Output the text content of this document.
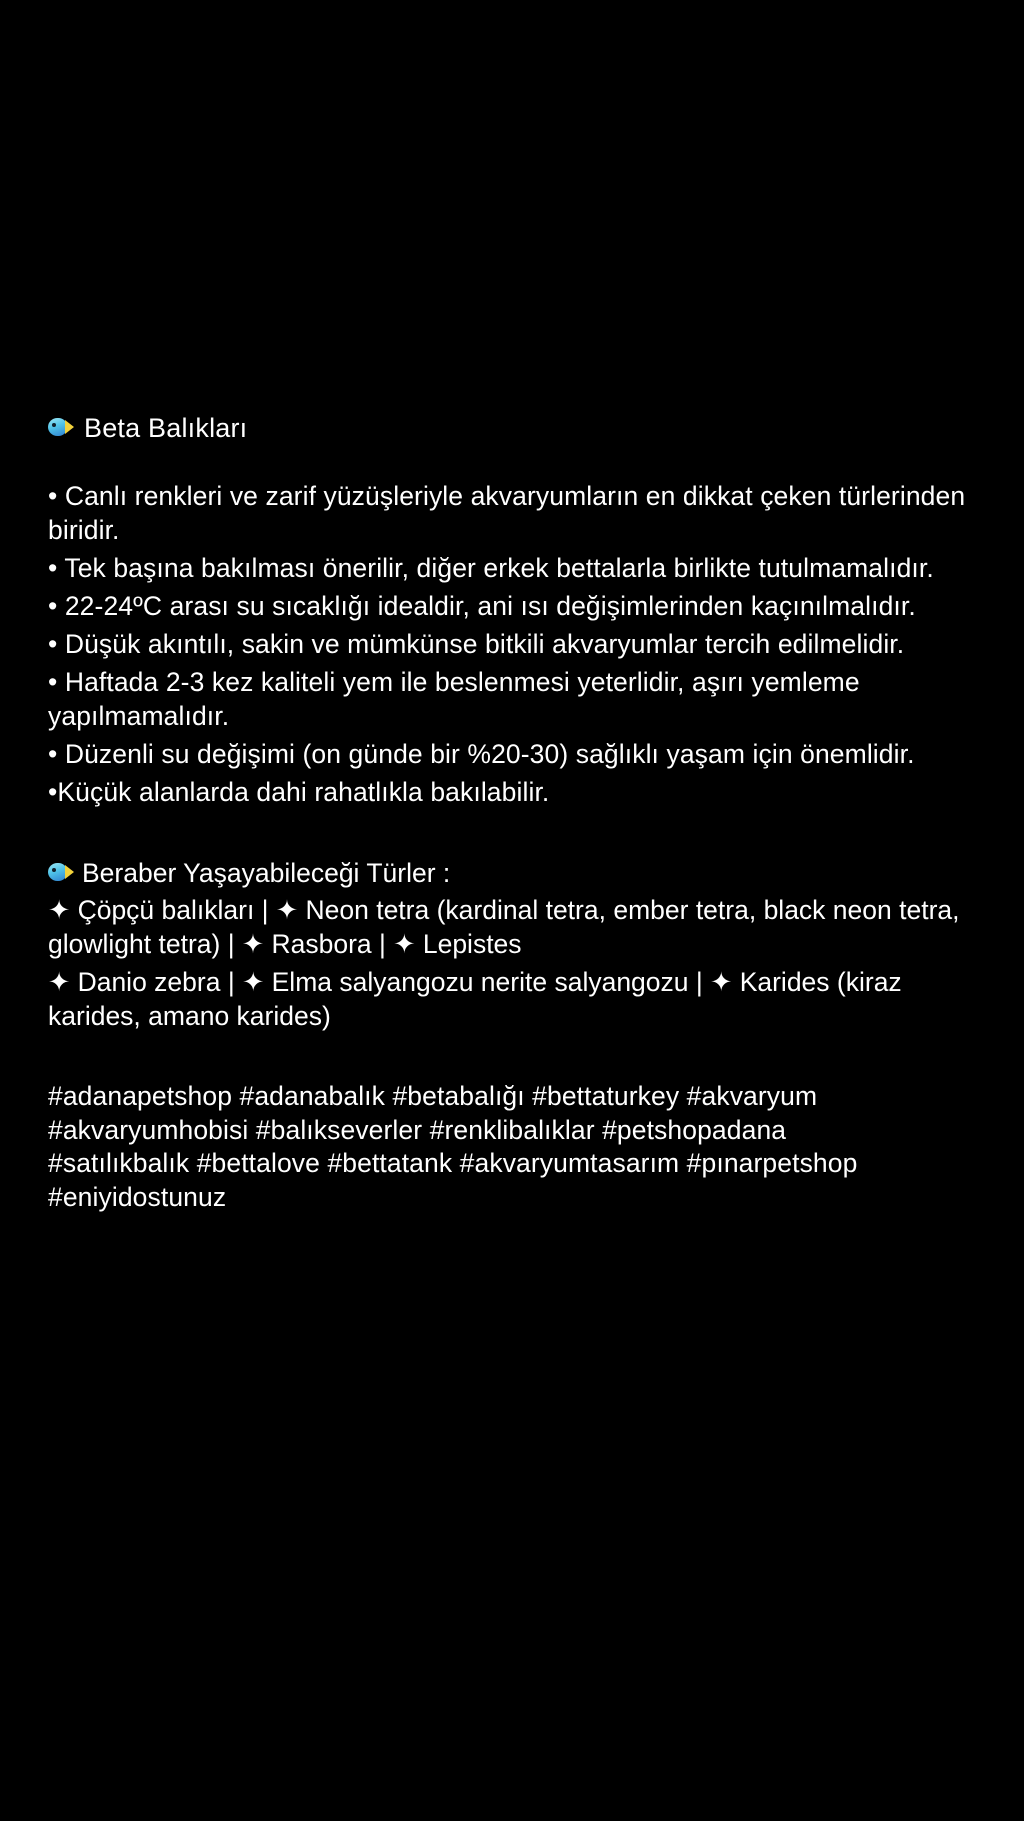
Beta Balıkları
• Canlı renkleri ve zarif yüzüşleriyle akvaryumların en dikkat çeken türlerinden biridir.
• Tek başına bakılması önerilir, diğer erkek bettalarla birlikte tutulmamalıdır.
• 22-24ºC arası su sıcaklığı idealdir, ani ısı değişimlerinden kaçınılmalıdır.
• Düşük akıntılı, sakin ve mümkünse bitkili akvaryumlar tercih edilmelidir.
• Haftada 2-3 kez kaliteli yem ile beslenmesi yeterlidir, aşırı yemleme yapılmamalıdır.
• Düzenli su değişimi (on günde bir %20-30) sağlıklı yaşam için önemlidir.
•Küçük alanlarda dahi rahatlıkla bakılabilir.
Beraber Yaşayabileceği Türler :

✦ Çöpçü balıkları | ✦ Neon tetra (kardinal tetra, ember tetra, black neon tetra, glowlight tetra) | ✦ Rasbora | ✦ Lepistes

✦ Danio zebra | ✦ Elma salyangozu nerite salyangozu | ✦ Karides (kiraz karides, amano karides)

#adanapetshop #adanabalık #betabalığı #bettaturkey #akvaryum #akvaryumhobisi #balıkseverler #renklibalıklar #petshopadana #satılıkbalık #bettalove #bettatank #akvaryumtasarım #pınarpetshop #eniyidostunuz
